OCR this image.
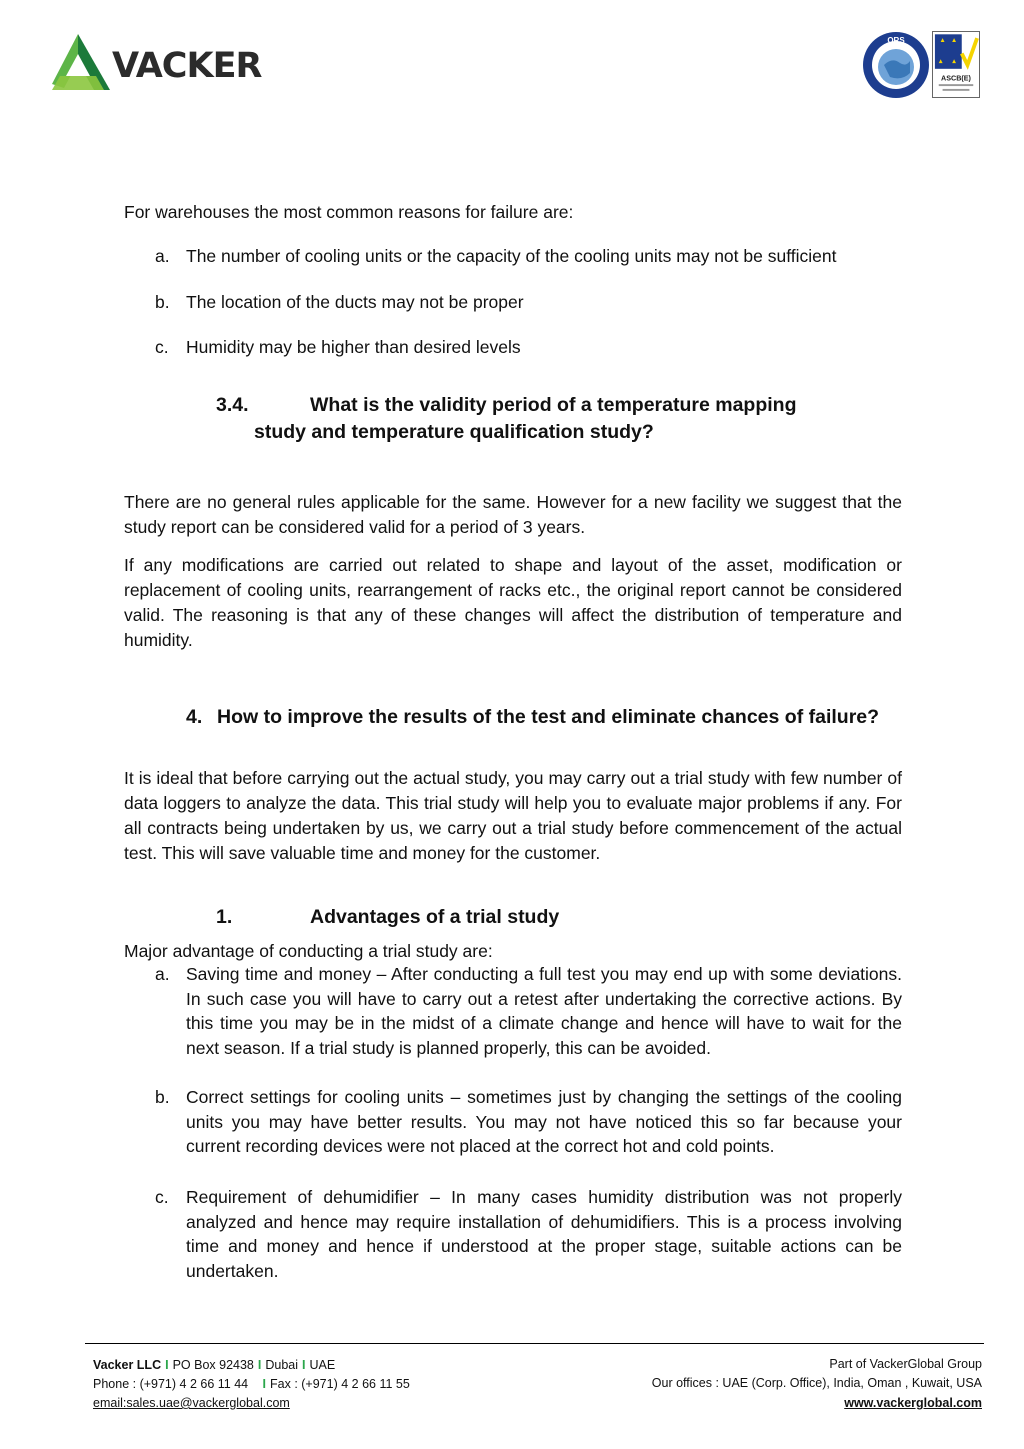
VACKER
QRS
ASCB(E)
For warehouses the most common reasons for failure are:
a. The number of cooling units or the capacity of the cooling units may not be sufficient
b. The location of the ducts may not be proper
c. Humidity may be higher than desired levels
3.4.	What is the validity period of a temperature mapping
study and temperature qualification study?
There are no general rules applicable for the same. However for a new facility we suggest that the study report can be considered valid for a period of 3 years.
If any modifications are carried out related to shape and layout of the asset, modification or replacement of cooling units, rearrangement of racks etc., the original report cannot be considered valid. The reasoning is that any of these changes will affect the distribution of temperature and humidity.
4. How to improve the results of the test and eliminate chances of failure?
It is ideal that before carrying out the actual study, you may carry out a trial study with few number of data loggers to analyze the data. This trial study will help you to evaluate major problems if any. For all contracts being undertaken by us, we carry out a trial study before commencement of the actual test. This will save valuable time and money for the customer.
1.	Advantages of a trial study
Major advantage of conducting a trial study are:
a. Saving time and money – After conducting a full test you may end up with some deviations. In such case you will have to carry out a retest after undertaking the corrective actions. By this time you may be in the midst of a climate change and hence will have to wait for the next season. If a trial study is planned properly, this can be avoided.
b. Correct settings for cooling units – sometimes just by changing the settings of the cooling units you may have better results. You may not have noticed this so far because your current recording devices were not placed at the correct hot and cold points.
c. Requirement of dehumidifier – In many cases humidity distribution was not properly analyzed and hence may require installation of dehumidifiers. This is a process involving time and money and hence if understood at the proper stage, suitable actions can be undertaken.
Vacker LLC I PO Box 92438 I Dubai I UAE
Phone : (+971) 4 2 66 11 44 I Fax : (+971) 4 2 66 11 55
email:sales.uae@vackerglobal.com
Part of VackerGlobal Group
Our offices : UAE (Corp. Office), India, Oman , Kuwait, USA
www.vackerglobal.com
